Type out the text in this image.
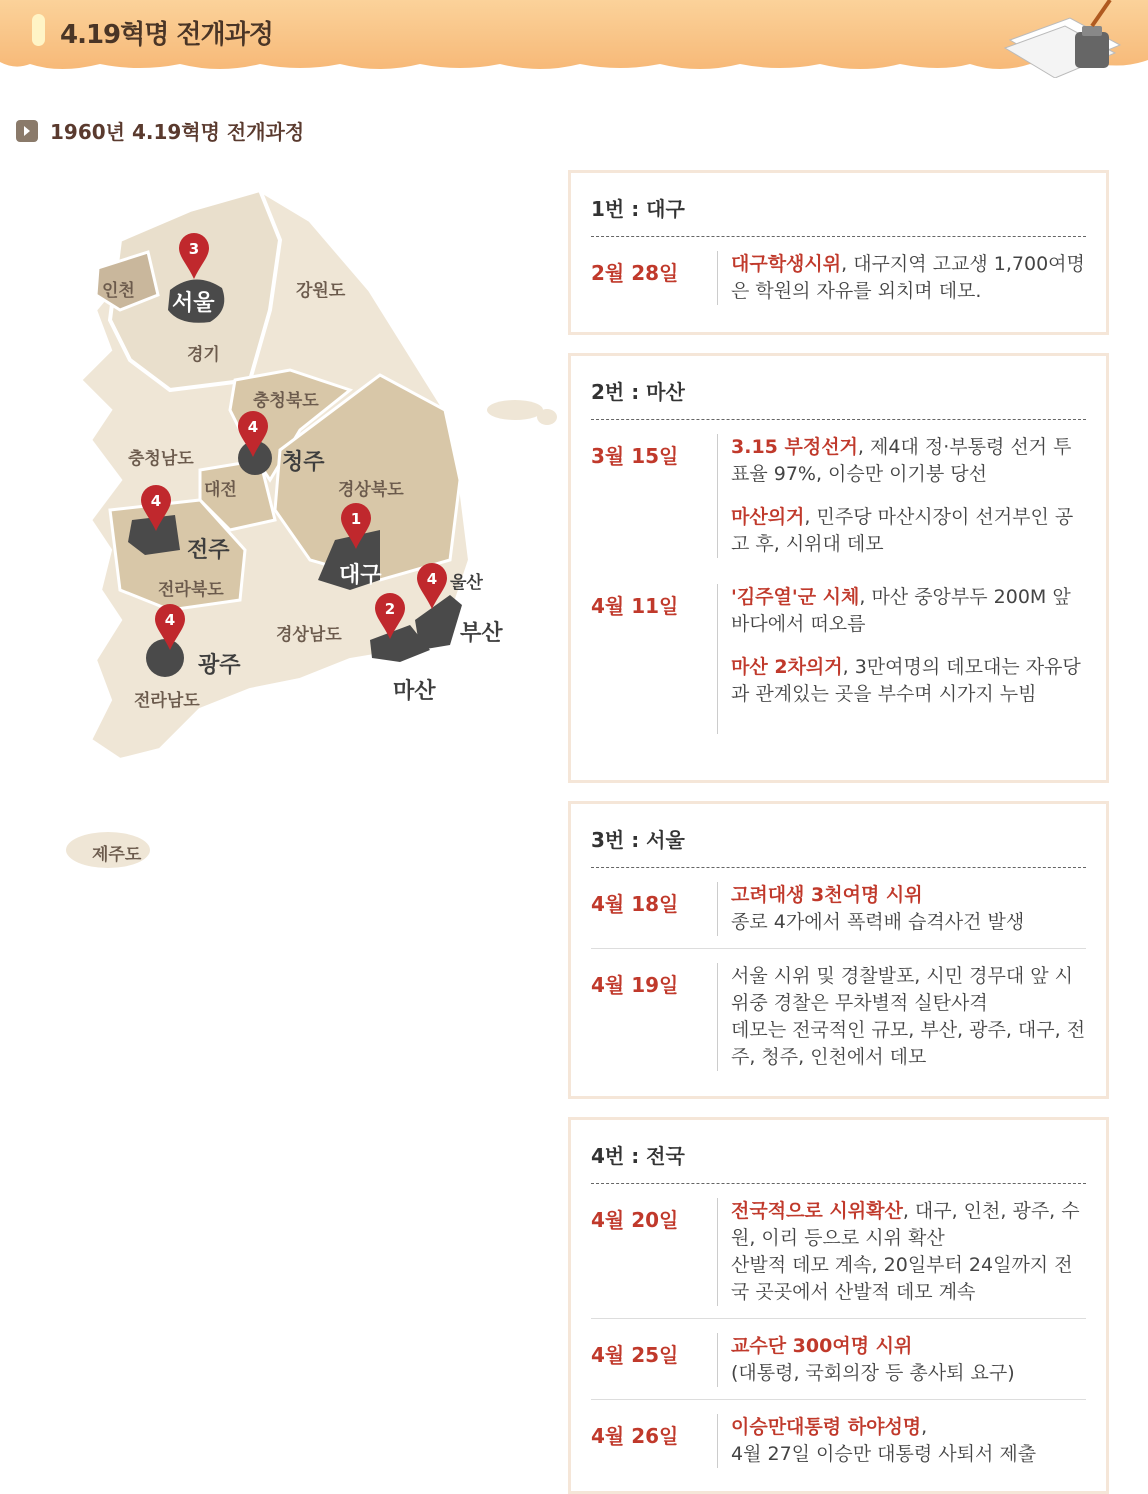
4.19혁명 전개과정
1960년 4.19혁명 전개과정
인천	강원도
경기
충청북도
충청남도
대전	경상북도
전라북도
경상남도
전라남도
제주도
울산
서울
청주
전주
대구
광주
부산
마산
3
4
4
1
4
2
4
1번 : 대구
2월 28일	대구학생시위, 대구지역 고교생 1,700여명은 학원의 자유를 외치며 데모.

2번 : 마산
3월 15일	3.15 부정선거, 제4대 정·부통령 선거 투표율 97%, 이승만 이기붕 당선

마산의거, 민주당 마산시장이 선거부인 공고 후, 시위대 데모

4월 11일	'김주열'군 시체, 마산 중앙부두 200M 앞 바다에서 떠오름

마산 2차의거, 3만여명의 데모대는 자유당과 관계있는 곳을 부수며 시가지 누빔

3번 : 서울
4월 18일	고려대생 3천여명 시위
종로 4가에서 폭력배 습격사건 발생
4월 19일	서울 시위 및 경찰발포, 시민 경무대 앞 시위중 경찰은 무차별적 실탄사격
데모는 전국적인 규모, 부산, 광주, 대구, 전주, 청주, 인천에서 데모
4번 : 전국
4월 20일	전국적으로 시위확산, 대구, 인천, 광주, 수원, 이리 등으로 시위 확산
산발적 데모 계속, 20일부터 24일까지 전국 곳곳에서 산발적 데모 계속
4월 25일	교수단 300여명 시위
(대통령, 국회의장 등 총사퇴 요구)
4월 26일	이승만대통령 하야성명,
4월 27일 이승만 대통령 사퇴서 제출
